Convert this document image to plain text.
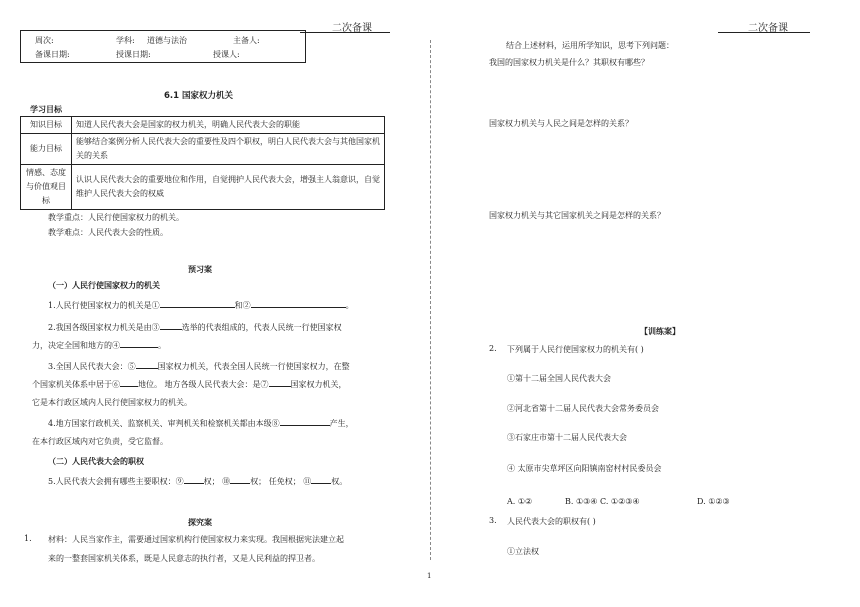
二次备课	二次备课
周次:	学科: 道德与法治	主备人:
备课日期:	授课日期:	授课人:
6.1 国家权力机关
学习目标
知识目标	知道人民代表大会是国家的权力机关，明确人民代表大会的职能
能力目标	能够结合案例分析人民代表大会的重要性及四个职权，明白人民代表大会与其他国家机关的关系
情感、态度与价值观目标	认识人民代表大会的重要地位和作用，自觉拥护人民代表大会，增强主人翁意识，自觉维护人民代表大会的权威
教学重点：人民行使国家权力的机关。
教学难点：人民代表大会的性质。
预习案
（一）人民行使国家权力的机关
1.人民行使国家权力的机关是①	和②	。
2.我国各级国家权力机关是由③	选举的代表组成的，代表人民统一行使国家权
力，决定全国和地方的④	。
3.全国人民代表大会：⑤	国家权力机关，代表全国人民统一行使国家权力，在整
个国家机关体系中居于⑥ 地位。 地方各级人民代表大会：是⑦	国家权力机关，
它是本行政区域内人民行使国家权力的机关。
4.地方国家行政机关、监察机关、审判机关和检察机关都由本级⑧	产生，
在本行政区域内对它负责，受它监督。
（二）人民代表大会的职权
5.人民代表大会拥有哪些主要职权：⑨	权； ⑩	权； 任免权； ⑪	权。
探究案
1. 材料：人民当家作主，需要通过国家机构行使国家权力来实现。我国根据宪法建立起
来的一整套国家机关体系，既是人民意志的执行者，又是人民利益的捍卫者。
结合上述材料，运用所学知识，思考下列问题：
我国的国家权力机关是什么？其职权有哪些？
国家权力机关与人民之间是怎样的关系？
国家权力机关与其它国家机关之间是怎样的关系？
【训练案】
2. 下列属于人民行使国家权力的机关有( )
①第十二届全国人民代表大会
②河北省第十二届人民代表大会常务委员会
③石家庄市第十二届人民代表大会
④ 太原市尖草坪区向阳镇南窑村村民委员会
A. ①②	B. ①③④ C. ①②③④	D. ①②③
3. 人民代表大会的职权有( )
①立法权
1
